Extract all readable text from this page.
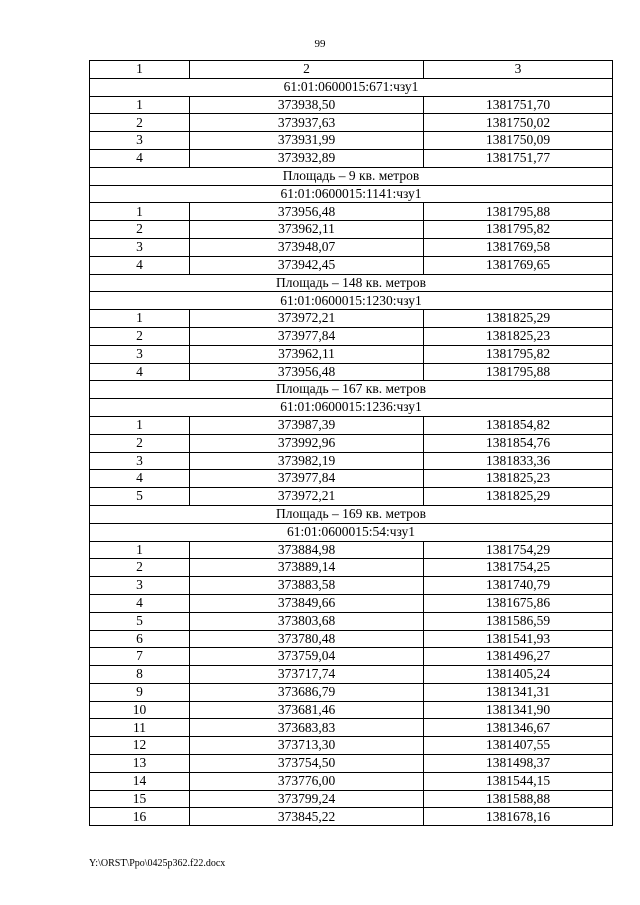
99
1	2	3
61:01:0600015:671:чзу1		
1	373938,50	1381751,70
2	373937,63	1381750,02
3	373931,99	1381750,09
4	373932,89	1381751,77
Площадь – 9 кв. метров		
61:01:0600015:1141:чзу1		
1	373956,48	1381795,88
2	373962,11	1381795,82
3	373948,07	1381769,58
4	373942,45	1381769,65
Площадь – 148 кв. метров		
61:01:0600015:1230:чзу1		
1	373972,21	1381825,29
2	373977,84	1381825,23
3	373962,11	1381795,82
4	373956,48	1381795,88
Площадь – 167 кв. метров		
61:01:0600015:1236:чзу1		
1	373987,39	1381854,82
2	373992,96	1381854,76
3	373982,19	1381833,36
4	373977,84	1381825,23
5	373972,21	1381825,29
Площадь – 169 кв. метров		
61:01:0600015:54:чзу1		
1	373884,98	1381754,29
2	373889,14	1381754,25
3	373883,58	1381740,79
4	373849,66	1381675,86
5	373803,68	1381586,59
6	373780,48	1381541,93
7	373759,04	1381496,27
8	373717,74	1381405,24
9	373686,79	1381341,31
10	373681,46	1381341,90
11	373683,83	1381346,67
12	373713,30	1381407,55
13	373754,50	1381498,37
14	373776,00	1381544,15
15	373799,24	1381588,88
16	373845,22	1381678,16
Y:\ORST\Ppo\0425p362.f22.docx
